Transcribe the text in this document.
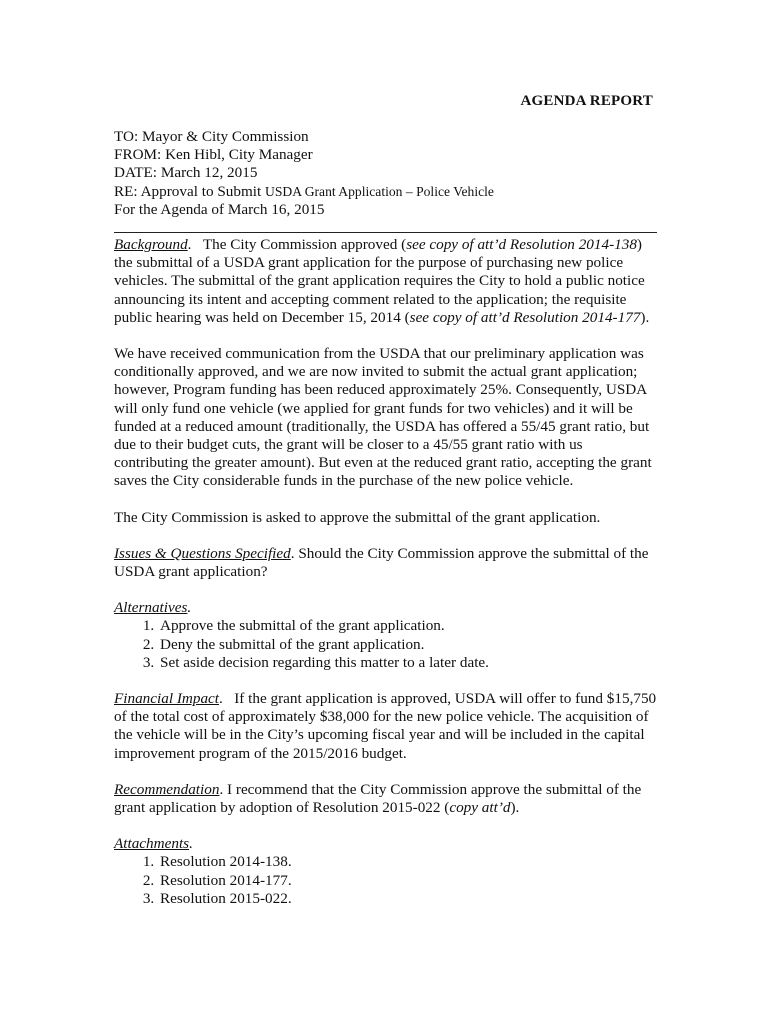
AGENDA REPORT
TO: Mayor & City Commission
FROM: Ken Hibl, City Manager
DATE: March 12, 2015
RE: Approval to Submit USDA Grant Application – Police Vehicle
For the Agenda of March 16, 2015

Background.   The City Commission approved (see copy of att’d Resolution 2014-138) the submittal of a USDA grant application for the purpose of purchasing new police vehicles. The submittal of the grant application requires the City to hold a public notice announcing its intent and accepting comment related to the application; the requisite public hearing was held on December 15, 2014 (see copy of att’d Resolution 2014-177).

We have received communication from the USDA that our preliminary application was conditionally approved, and we are now invited to submit the actual grant application; however, Program funding has been reduced approximately 25%. Consequently, USDA will only fund one vehicle (we applied for grant funds for two vehicles) and it will be funded at a reduced amount (traditionally, the USDA has offered a 55/45 grant ratio, but due to their budget cuts, the grant will be closer to a 45/55 grant ratio with us contributing the greater amount). But even at the reduced grant ratio, accepting the grant saves the City considerable funds in the purchase of the new police vehicle.

The City Commission is asked to approve the submittal of the grant application.

Issues & Questions Specified. Should the City Commission approve the submittal of the USDA grant application?

Alternatives.
1. Approve the submittal of the grant application.
2. Deny the submittal of the grant application.
3. Set aside decision regarding this matter to a later date.

Financial Impact.   If the grant application is approved, USDA will offer to fund $15,750 of the total cost of approximately $38,000 for the new police vehicle. The acquisition of the vehicle will be in the City’s upcoming fiscal year and will be included in the capital improvement program of the 2015/2016 budget.

Recommendation. I recommend that the City Commission approve the submittal of the grant application by adoption of Resolution 2015-022 (copy att’d).

Attachments.
1. Resolution 2014-138.
2. Resolution 2014-177.
3. Resolution 2015-022.
